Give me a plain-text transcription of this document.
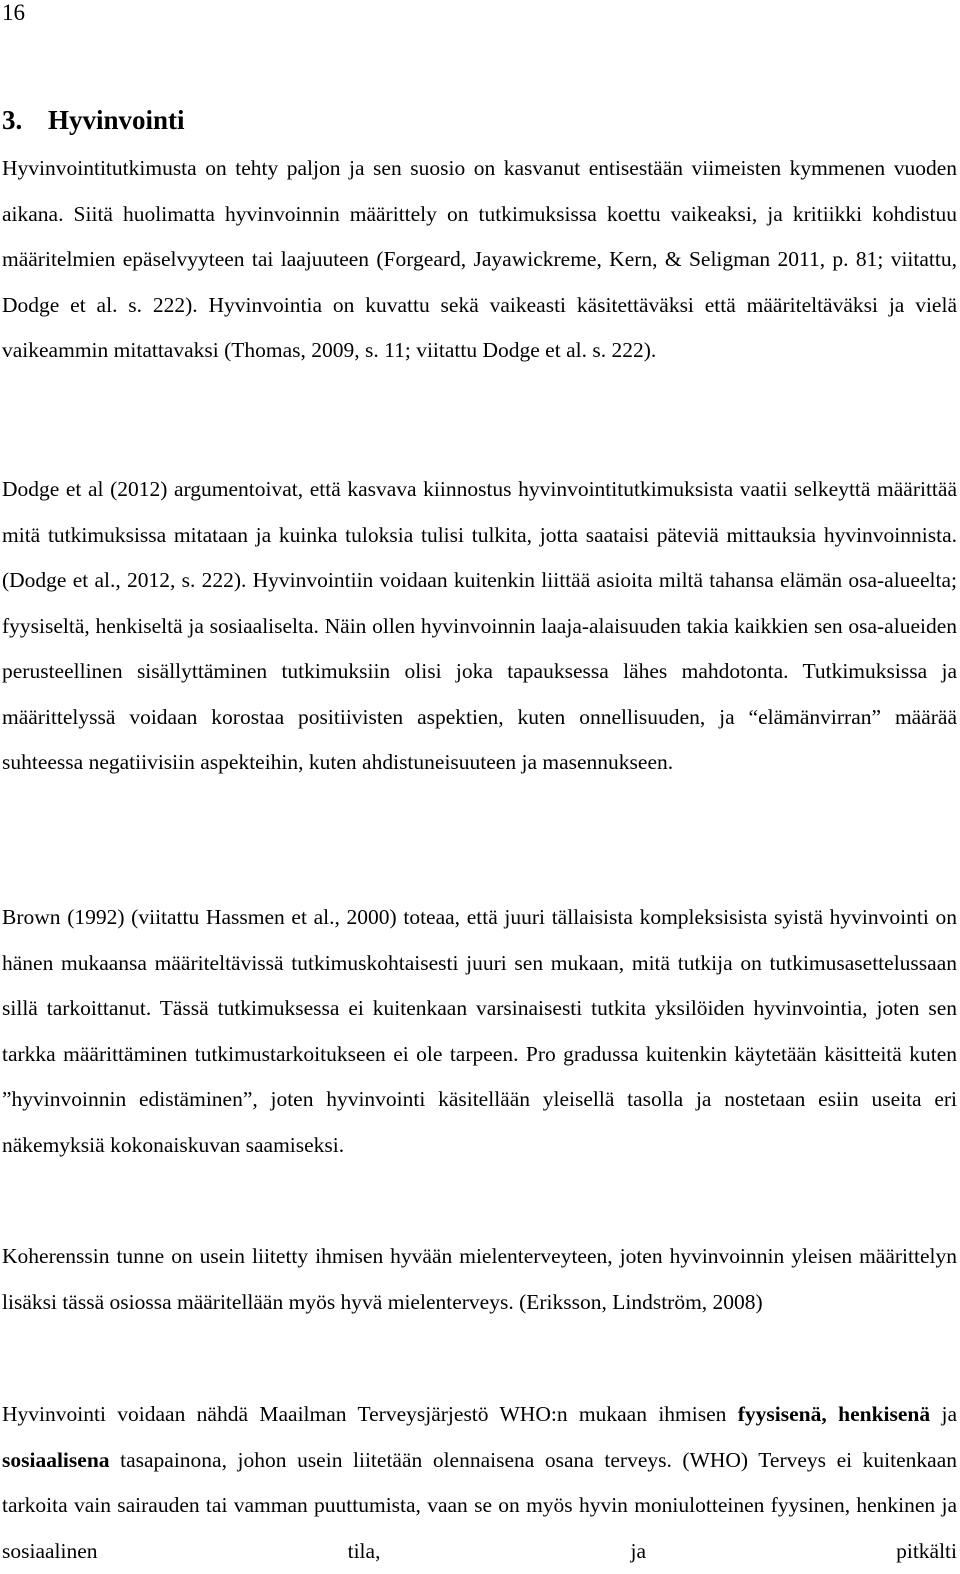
16
3. Hyvinvointi

Hyvinvointitutkimusta on tehty paljon ja sen suosio on kasvanut entisestään viimeisten kymmenen vuoden aikana. Siitä huolimatta hyvinvoinnin määrittely on tutkimuksissa koettu vaikeaksi, ja kritiikki kohdistuu määritelmien epäselvyyteen tai laajuuteen (Forgeard, Jayawickreme, Kern, & Seligman 2011, p. 81; viitattu, Dodge et al. s. 222). Hyvinvointia on kuvattu sekä vaikeasti käsitettäväksi että määriteltäväksi ja vielä vaikeammin mitattavaksi (Thomas, 2009, s. 11; viitattu Dodge et al. s. 222).

Dodge et al (2012) argumentoivat, että kasvava kiinnostus hyvinvointitutkimuksista vaatii selkeyttä määrittää mitä tutkimuksissa mitataan ja kuinka tuloksia tulisi tulkita, jotta saataisi päteviä mittauksia hyvinvoinnista. (Dodge et al., 2012, s. 222). Hyvinvointiin voidaan kuitenkin liittää asioita miltä tahansa elämän osa-alueelta; fyysiseltä, henkiseltä ja sosiaaliselta. Näin ollen hyvinvoinnin laaja-alaisuuden takia kaikkien sen osa-alueiden perusteellinen sisällyttäminen tutkimuksiin olisi joka tapauksessa lähes mahdotonta. Tutkimuksissa ja määrittelyssä voidaan korostaa positiivisten aspektien, kuten onnellisuuden, ja “elämänvirran” määrää suhteessa negatiivisiin aspekteihin, kuten ahdistuneisuuteen ja masennukseen.

Brown (1992) (viitattu Hassmen et al., 2000) toteaa, että juuri tällaisista kompleksisista syistä hyvinvointi on hänen mukaansa määriteltävissä tutkimuskohtaisesti juuri sen mukaan, mitä tutkija on tutkimusasettelussaan sillä tarkoittanut. Tässä tutkimuksessa ei kuitenkaan varsinaisesti tutkita yksilöiden hyvinvointia, joten sen tarkka määrittäminen tutkimustarkoitukseen ei ole tarpeen. Pro gradussa kuitenkin käytetään käsitteitä kuten ”hyvinvoinnin edistäminen”, joten hyvinvointi käsitellään yleisellä tasolla ja nostetaan esiin useita eri näkemyksiä kokonaiskuvan saamiseksi.

Koherenssin tunne on usein liitetty ihmisen hyvään mielenterveyteen, joten hyvinvoinnin yleisen määrittelyn lisäksi tässä osiossa määritellään myös hyvä mielenterveys. (Eriksson, Lindström, 2008)

Hyvinvointi voidaan nähdä Maailman Terveysjärjestö WHO:n mukaan ihmisen fyysisenä, henkisenä ja sosiaalisena tasapainona, johon usein liitetään olennaisena osana terveys. (WHO) Terveys ei kuitenkaan tarkoita vain sairauden tai vamman puuttumista, vaan se on myös hyvin moniulotteinen fyysinen, henkinen ja sosiaalinen tila, ja pitkälti
